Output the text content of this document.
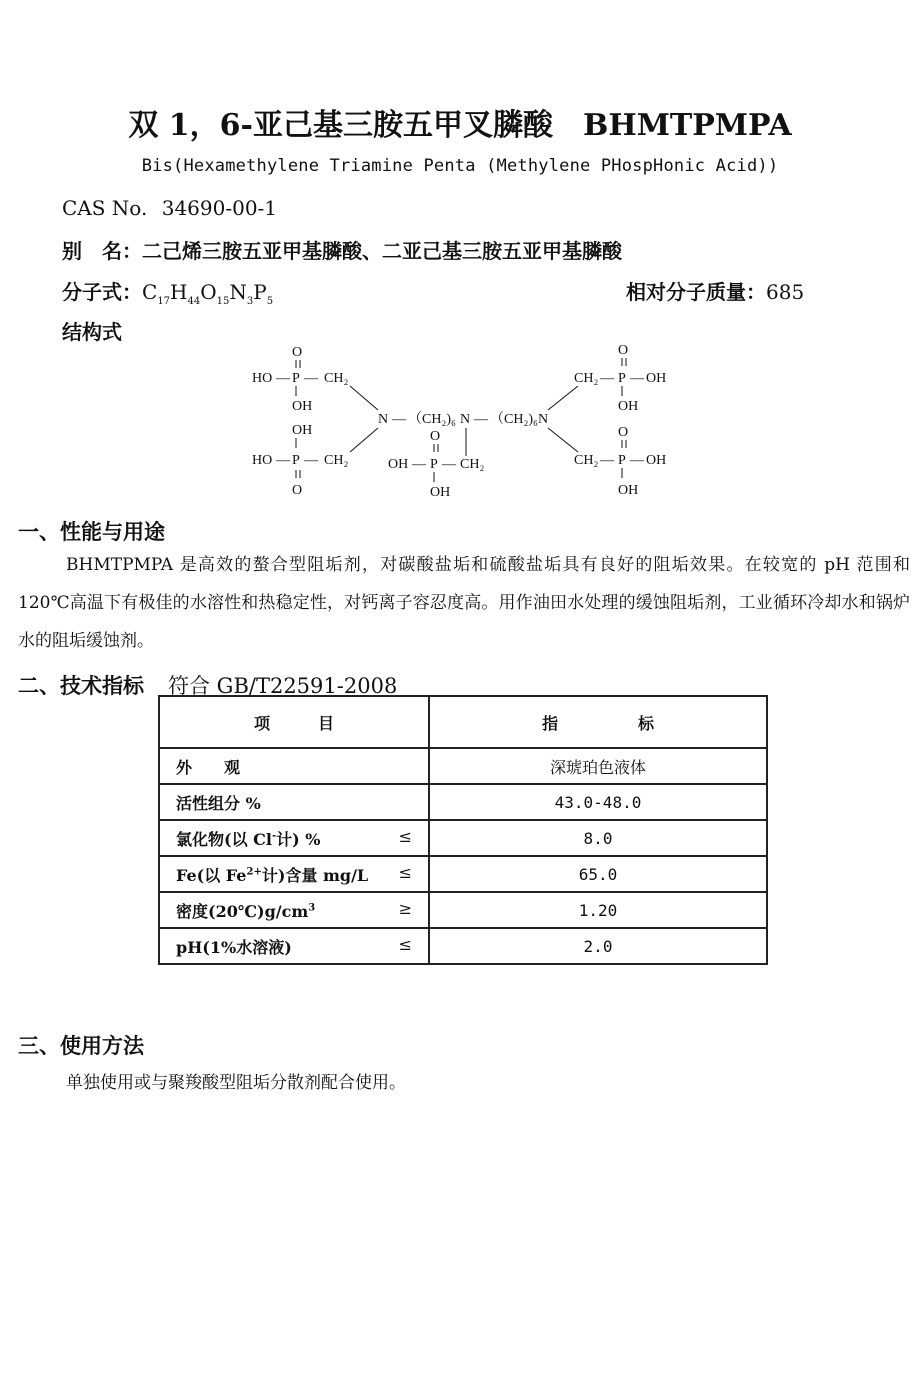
双 1，6-亚己基三胺五甲叉膦酸　BHMTPMPA
Bis(Hexamethylene Triamine Penta (Methylene PHospHonic Acid))
CAS No. 34690-00-1
别　名：二己烯三胺五亚甲基膦酸、二亚己基三胺五亚甲基膦酸
分子式：$C_{17}H_{44}O_{15}N_3P_5$	相对分子质量：685
结构式
O
HO — P — CH₂
OH
OH
HO — P — CH₂
O
N — （CH₂)₆ N — （CH₂)₆ N
O
OH — P — CH₂
OH
O
CH₂ — P — OH
OH
O
CH₂ — P — OH
OH
一、性能与用途
BHMTPMPA 是高效的螯合型阻垢剂，对碳酸盐垢和硫酸盐垢具有良好的阻垢效果。在较宽的 pH 范围和 120℃高温下有极佳的水溶性和热稳定性，对钙离子容忍度高。用作油田水处理的缓蚀阻垢剂，工业循环冷却水和锅炉水的阻垢缓蚀剂。
二、技术指标 符合 GB/T22591-2008
项　　　目	指　　　　　标
外　　观	深琥珀色液体
活性组分 %	43.0-48.0
氯化物(以 Cl-计) % ≤	8.0
Fe(以 $Fe^{2+}$计)含量 mg/L ≤	65.0
密度$(20℃)g/cm^3$ ≥	1.20
pH(1%水溶液) ≤	2.0
三、使用方法
单独使用或与聚羧酸型阻垢分散剂配合使用。
